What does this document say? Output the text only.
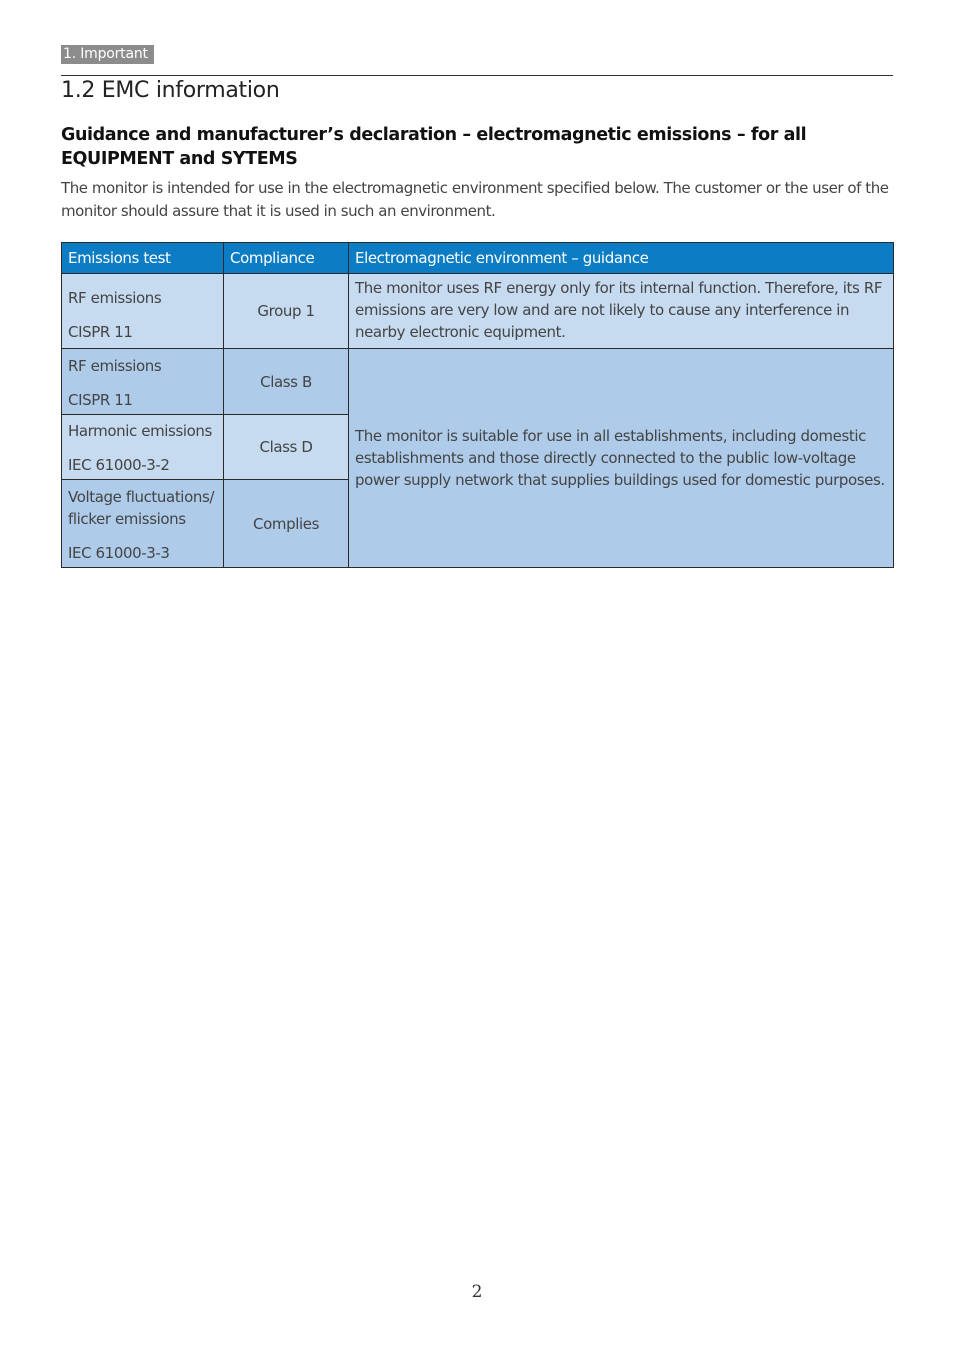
1. Important
1.2 EMC information
Guidance and manufacturer’s declaration – electromagnetic emissions – for all EQUIPMENT and SYTEMS

The monitor is intended for use in the electromagnetic environment specified below. The customer or the user of the monitor should assure that it is used in such an environment.

Emissions test	Compliance	Electromagnetic environment – guidance

RF emissions
CISPR 11	Group 1	The monitor uses RF energy only for its internal function. Therefore, its RF emissions are very low and are not likely to cause any interference in nearby electronic equipment.

RF emissions
CISPR 11	Class B	The monitor is suitable for use in all establishments, including domestic establishments and those directly connected to the public low-voltage power supply network that supplies buildings used for domestic purposes.

Harmonic emissions
IEC 61000-3-2	Class D	

Voltage fluctuations/ flicker emissions
IEC 61000-3-3	Complies	
2
